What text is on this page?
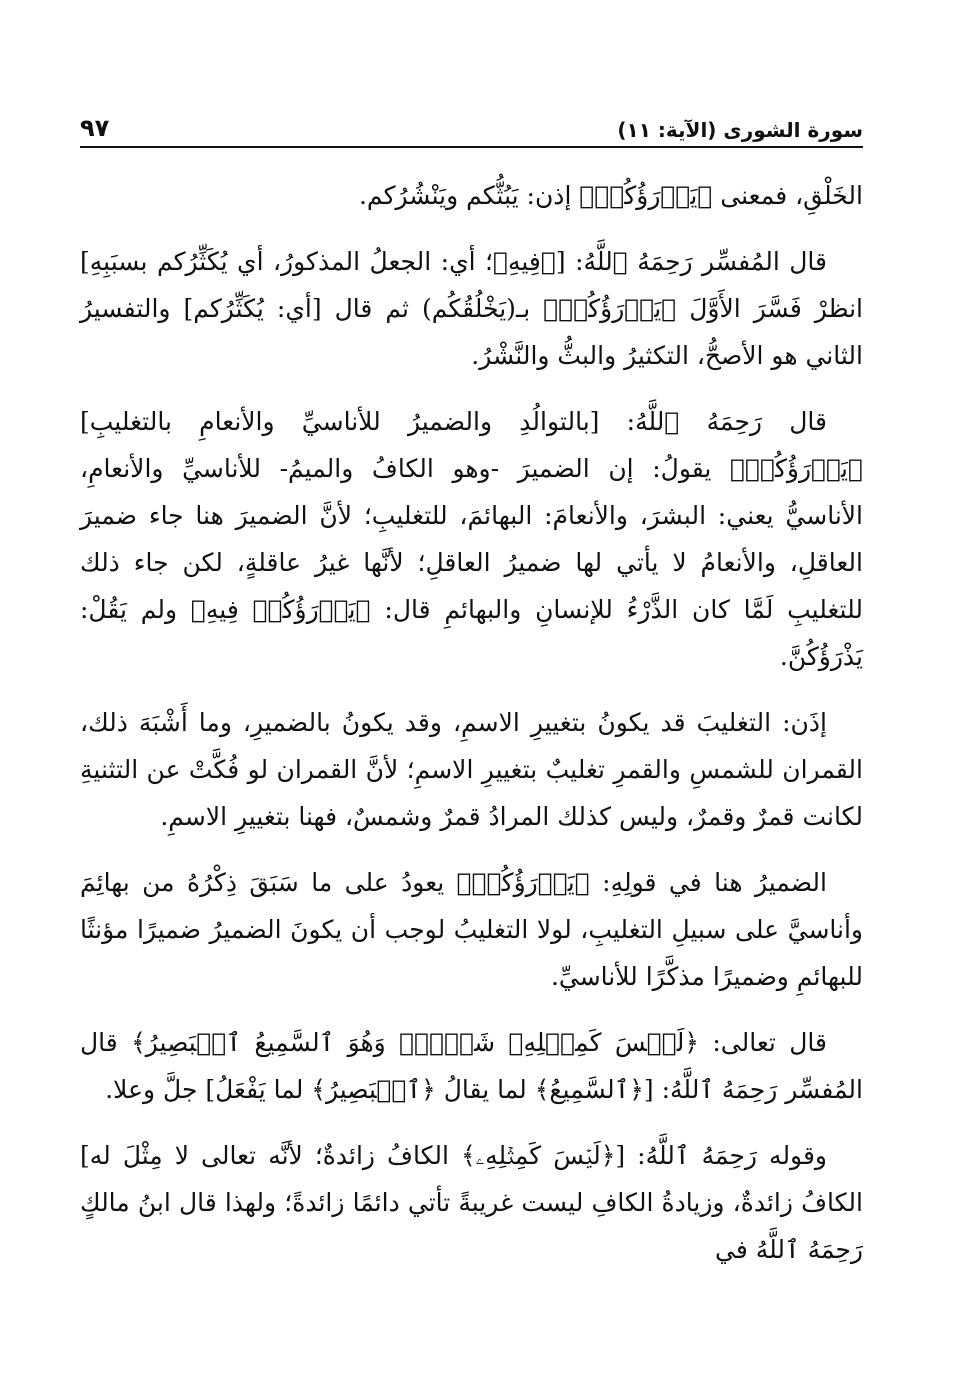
سورة الشورى (الآية: ١١)
٩٧

الخَلْقِ، فمعنى ﴿يَذۡرَؤُكُمۡ﴾ إذن: يَبُثُّكم ويَنْشُرُكم.

قال المُفسِّر رَحِمَهُ ٱللَّهُ: [﴿فِيهِ﴾؛ أي: الجعلُ المذكورُ، أي يُكَثِّرُكم بسبَبِهِ] انظرْ فَسَّرَ الأَوَّلَ ﴿يَذۡرَؤُكُمۡ﴾ بـ(يَخْلُقُكُم) ثم قال [أي: يُكَثِّرُكم] والتفسيرُ الثاني هو الأصحُّ، التكثيرُ والبثُّ والنَّشْرُ.

قال رَحِمَهُ ٱللَّهُ: [بالتوالُدِ والضميرُ للأناسيِّ والأنعامِ بالتغليبِ] ﴿يَذۡرَؤُكُمۡ﴾ يقولُ: إن الضميرَ -وهو الكافُ والميمُ- للأناسيِّ والأنعامِ، الأناسيُّ يعني: البشرَ، والأنعامَ: البهائمَ، للتغليبِ؛ لأنَّ الضميرَ هنا جاء ضميرَ العاقلِ، والأنعامُ لا يأتي لها ضميرُ العاقلِ؛ لأنَّها غيرُ عاقلةٍ، لكن جاء ذلك للتغليبِ لَمَّا كان الذَّرْءُ للإنسانِ والبهائمِ قال: ﴿يَذۡرَؤُكُمۡ فِيهِ﴾ ولم يَقُلْ: يَذْرَؤُكُنَّ.

إذَن: التغليبَ قد يكونُ بتغييرِ الاسمِ، وقد يكونُ بالضميرِ، وما أَشْبَهَ ذلك، القمران للشمسِ والقمرِ تغليبٌ بتغييرِ الاسمِ؛ لأنَّ القمران لو فُكَّتْ عن التثنيةِ لكانت قمرٌ وقمرٌ، وليس كذلك المرادُ قمرٌ وشمسٌ، فهنا بتغييرِ الاسمِ.

الضميرُ هنا في قولِهِ: ﴿يَذۡرَؤُكُمۡ﴾ يعودُ على ما سَبَقَ ذِكْرُهُ من بهائِمَ وأناسيَّ على سبيلِ التغليبِ، لولا التغليبُ لوجب أن يكونَ الضميرُ ضميرًا مؤنثًا للبهائمِ وضميرًا مذكَّرًا للأناسيِّ.

قال تعالى: ﴿لَيۡسَ كَمِثۡلِهِۦ شَيۡءٞۖ وَهُوَ ٱلسَّمِيعُ ٱلۡبَصِيرُ﴾ قال المُفسِّر رَحِمَهُ ٱللَّهُ: [﴿ٱلسَّمِيعُ﴾ لما يقالُ ﴿ٱلۡبَصِيرُ﴾ لما يَفْعَلُ] جلَّ وعلا.

وقوله رَحِمَهُ ٱللَّهُ: [﴿لَيۡسَ كَمِثۡلِهِۦ﴾ الكافُ زائدةٌ؛ لأنَّه تعالى لا مِثْلَ له] الكافُ زائدةٌ، وزيادةُ الكافِ ليست غريبةً تأتي دائمًا زائدةً؛ ولهذا قال ابنُ مالكٍ رَحِمَهُ ٱللَّهُ في
